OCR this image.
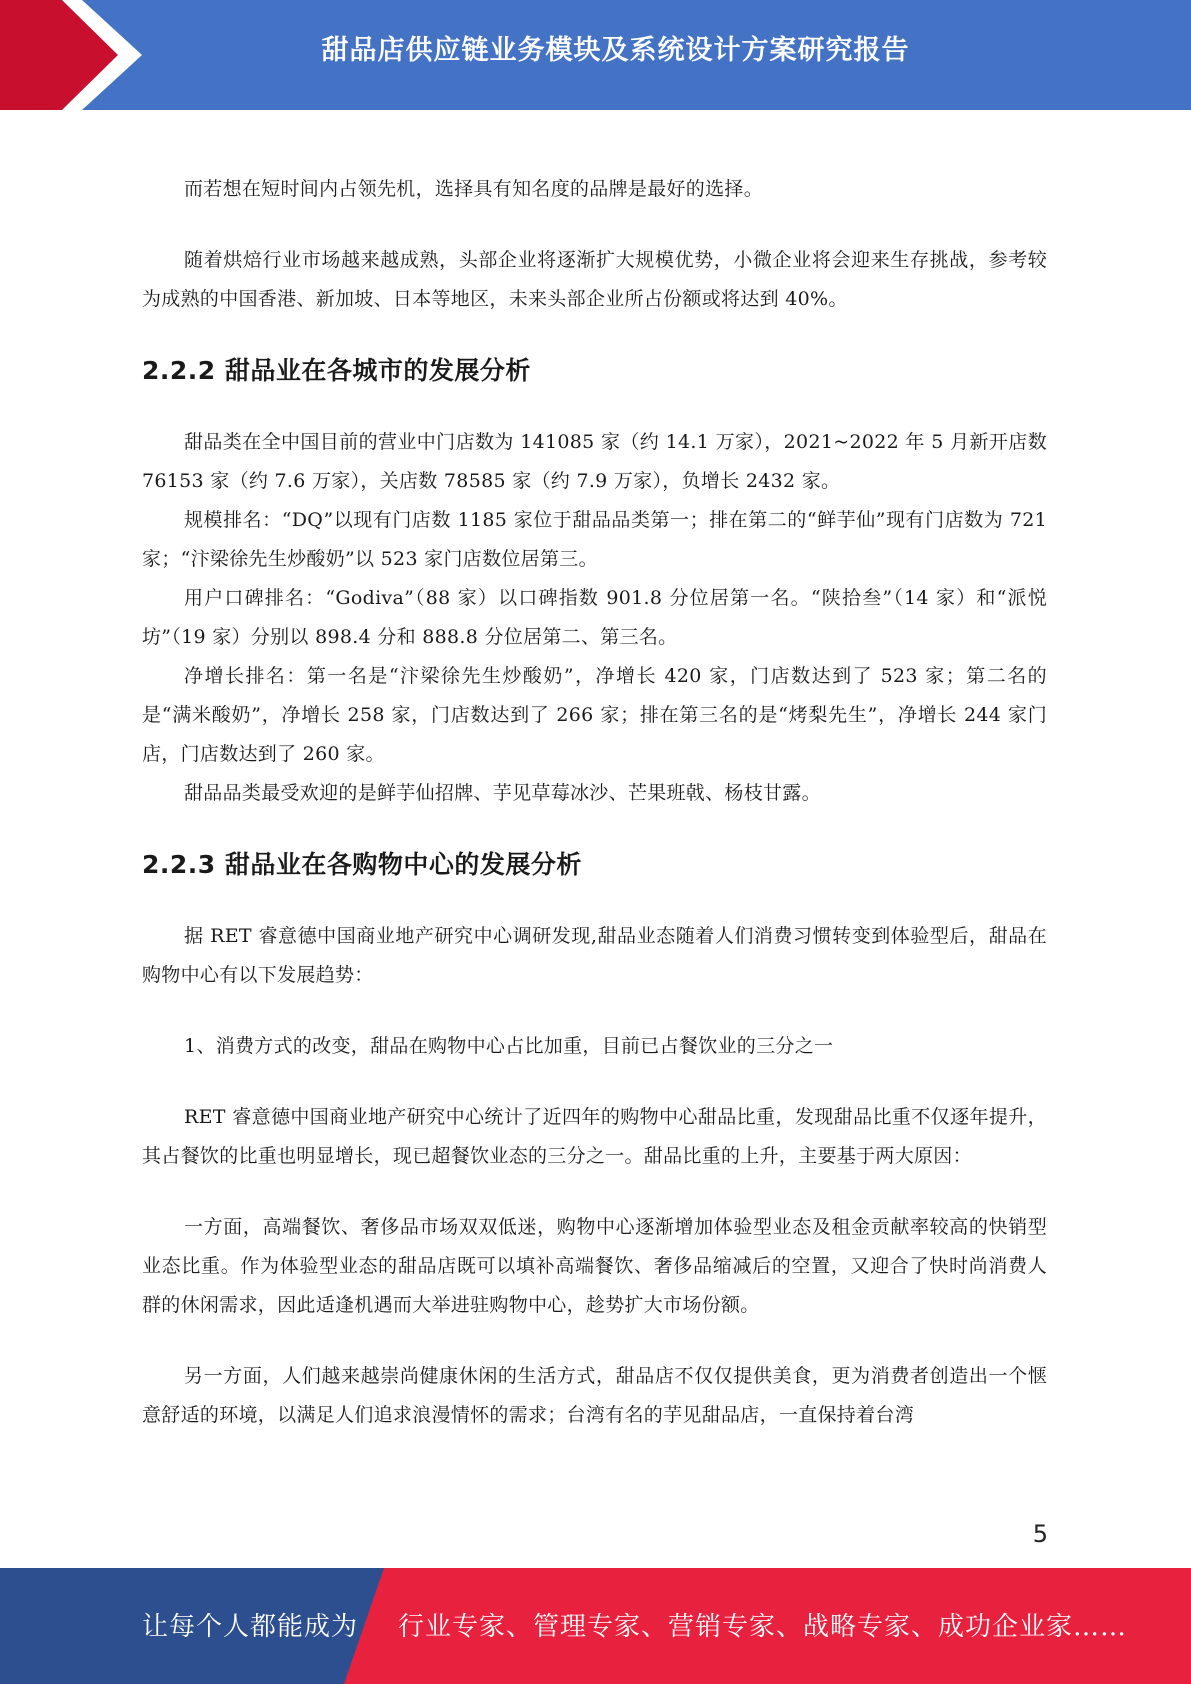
甜品店供应链业务模块及系统设计方案研究报告

而若想在短时间内占领先机，选择具有知名度的品牌是最好的选择。

随着烘焙行业市场越来越成熟，头部企业将逐渐扩大规模优势，小微企业将会迎来生存挑战，参考较为成熟的中国香港、新加坡、日本等地区，未来头部企业所占份额或将达到 40%。

2.2.2 甜品业在各城市的发展分析

甜品类在全中国目前的营业中门店数为 141085 家（约 14.1 万家），2021~2022 年 5 月新开店数 76153 家（约 7.6 万家），关店数 78585 家（约 7.9 万家），负增长 2432 家。

规模排名：“DQ”以现有门店数 1185 家位于甜品品类第一；排在第二的“鲜芋仙”现有门店数为 721 家；“汴梁徐先生炒酸奶”以 523 家门店数位居第三。

用户口碑排名：“Godiva”（88 家）以口碑指数 901.8 分位居第一名。“陕拾叁”（14 家）和“派悦坊”（19 家）分别以 898.4 分和 888.8 分位居第二、第三名。

净增长排名：第一名是“汴梁徐先生炒酸奶”，净增长 420 家，门店数达到了 523 家；第二名的是“满米酸奶”，净增长 258 家，门店数达到了 266 家；排在第三名的是“烤梨先生”，净增长 244 家门店，门店数达到了 260 家。

甜品品类最受欢迎的是鲜芋仙招牌、芋见草莓冰沙、芒果班戟、杨枝甘露。

2.2.3 甜品业在各购物中心的发展分析

据 RET 睿意德中国商业地产研究中心调研发现,甜品业态随着人们消费习惯转变到体验型后，甜品在购物中心有以下发展趋势：

1、消费方式的改变，甜品在购物中心占比加重，目前已占餐饮业的三分之一

RET 睿意德中国商业地产研究中心统计了近四年的购物中心甜品比重，发现甜品比重不仅逐年提升，其占餐饮的比重也明显增长，现已超餐饮业态的三分之一。甜品比重的上升，主要基于两大原因：

一方面，高端餐饮、奢侈品市场双双低迷，购物中心逐渐增加体验型业态及租金贡献率较高的快销型业态比重。作为体验型业态的甜品店既可以填补高端餐饮、奢侈品缩减后的空置，又迎合了快时尚消费人群的休闲需求，因此适逢机遇而大举进驻购物中心，趁势扩大市场份额。

另一方面，人们越来越崇尚健康休闲的生活方式，甜品店不仅仅提供美食，更为消费者创造出一个惬意舒适的环境，以满足人们追求浪漫情怀的需求；台湾有名的芋见甜品店，一直保持着台湾

5
让每个人都能成为 行业专家、管理专家、营销专家、战略专家、成功企业家……
